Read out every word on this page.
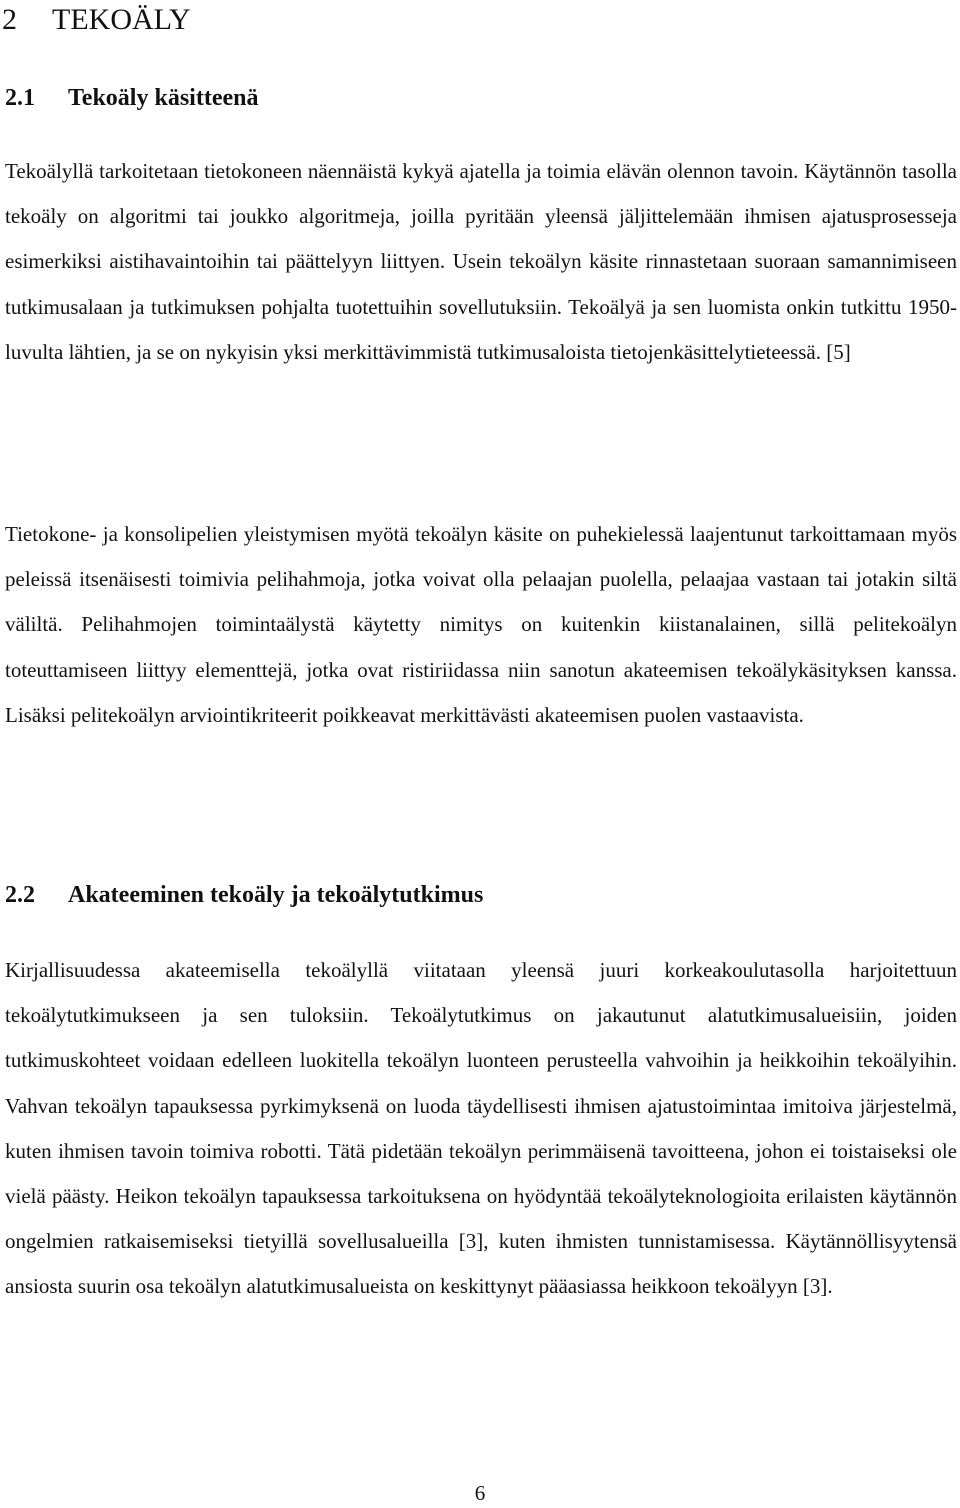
2 TEKOÄLY
2.1 Tekoäly käsitteenä

Tekoälyllä tarkoitetaan tietokoneen näennäistä kykyä ajatella ja toimia elävän olennon tavoin. Käytännön tasolla tekoäly on algoritmi tai joukko algoritmeja, joilla pyritään yleensä jäljittelemään ihmisen ajatusprosesseja esimerkiksi aistihavaintoihin tai päättelyyn liittyen. Usein tekoälyn käsite rinnastetaan suoraan samannimiseen tutkimusalaan ja tutkimuksen pohjalta tuotettuihin sovellutuksiin. Tekoälyä ja sen luomista onkin tutkittu 1950-luvulta lähtien, ja se on nykyisin yksi merkittävimmistä tutkimusaloista tietojenkäsittelytieteessä. [5]

Tietokone- ja konsolipelien yleistymisen myötä tekoälyn käsite on puhekielessä laajentunut tarkoittamaan myös peleissä itsenäisesti toimivia pelihahmoja, jotka voivat olla pelaajan puolella, pelaajaa vastaan tai jotakin siltä väliltä. Pelihahmojen toimintaälystä käytetty nimitys on kuitenkin kiistanalainen, sillä pelitekoälyn toteuttamiseen liittyy elementtejä, jotka ovat ristiriidassa niin sanotun akateemisen tekoälykäsityksen kanssa. Lisäksi pelitekoälyn arviointikriteerit poikkeavat merkittävästi akateemisen puolen vastaavista.

2.2 Akateeminen tekoäly ja tekoälytutkimus

Kirjallisuudessa akateemisella tekoälyllä viitataan yleensä juuri korkeakoulutasolla harjoitettuun tekoälytutkimukseen ja sen tuloksiin. Tekoälytutkimus on jakautunut alatutkimusalueisiin, joiden tutkimuskohteet voidaan edelleen luokitella tekoälyn luonteen perusteella vahvoihin ja heikkoihin tekoälyihin. Vahvan tekoälyn tapauksessa pyrkimyksenä on luoda täydellisesti ihmisen ajatustoimintaa imitoiva järjestelmä, kuten ihmisen tavoin toimiva robotti. Tätä pidetään tekoälyn perimmäisenä tavoitteena, johon ei toistaiseksi ole vielä päästy. Heikon tekoälyn tapauksessa tarkoituksena on hyödyntää tekoälyteknologioita erilaisten käytännön ongelmien ratkaisemiseksi tietyillä sovellusalueilla [3], kuten ihmisten tunnistamisessa. Käytännöllisyytensä ansiosta suurin osa tekoälyn alatutkimusalueista on keskittynyt pääasiassa heikkoon tekoälyyn [3].

6
